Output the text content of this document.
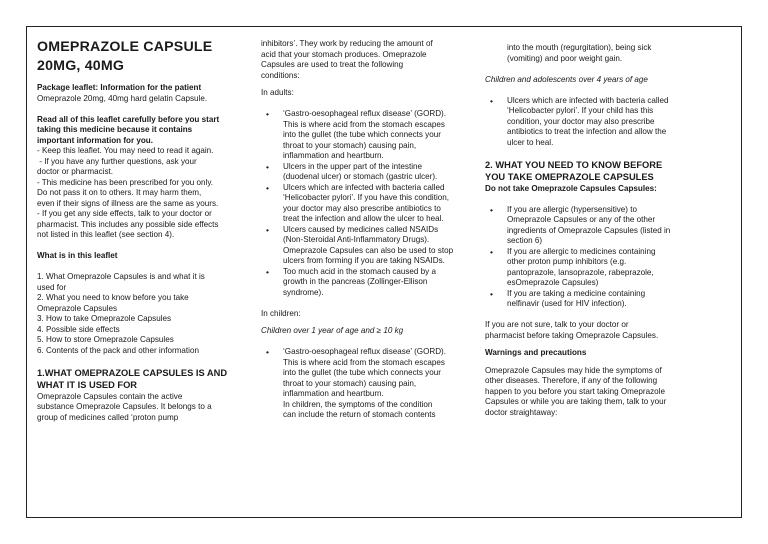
OMEPRAZOLE CAPSULE
20MG, 40MG

Package leaflet: Information for the patient

Omeprazole 20mg, 40mg hard gelatin Capsule.

Read all of this leaflet carefully before you start

taking this medicine because it contains

important information for you.

- Keep this leaflet. You may need to read it again.

- If you have any further questions, ask your

doctor or pharmacist.

- This medicine has been prescribed for you only.

Do not pass it on to others. It may harm them,

even if their signs of illness are the same as yours.

- If you get any side effects, talk to your doctor or

pharmacist. This includes any possible side effects

not listed in this leaflet (see section 4).

What is in this leaflet

1. What Omeprazole Capsules is and what it is

used for

2. What you need to know before you take

Omeprazole Capsules

3. How to take Omeprazole Capsules

4. Possible side effects

5. How to store Omeprazole Capsules

6. Contents of the pack and other information

1.WHAT OMEPRAZOLE CAPSULES IS AND

WHAT IT IS USED FOR

Omeprazole Capsules contain the active

substance Omeprazole Capsules. It belongs to a

group of medicines called ‘proton pump

inhibitors’. They work by reducing the amount of

acid that your stomach produces. Omeprazole

Capsules are used to treat the following

conditions:

In adults:

• ‘Gastro-oesophageal reflux disease’ (GORD).

This is where acid from the stomach escapes

into the gullet (the tube which connects your

throat to your stomach) causing pain,

inflammation and heartburn.

• Ulcers in the upper part of the intestine

(duodenal ulcer) or stomach (gastric ulcer).

• Ulcers which are infected with bacteria called

‘Helicobacter pylori’. If you have this condition,

your doctor may also prescribe antibiotics to

treat the infection and allow the ulcer to heal.

• Ulcers caused by medicines called NSAIDs

(Non-Steroidal Anti-Inflammatory Drugs).

Omeprazole Capsules can also be used to stop

ulcers from forming if you are taking NSAIDs.

• Too much acid in the stomach caused by a

growth in the pancreas (Zollinger-Ellison

syndrome).

In children:

Children over 1 year of age and ≥ 10 kg

• ‘Gastro-oesophageal reflux disease’ (GORD).

This is where acid from the stomach escapes

into the gullet (the tube which connects your

throat to your stomach) causing pain,

inflammation and heartburn.

In children, the symptoms of the condition

can include the return of stomach contents

into the mouth (regurgitation), being sick

(vomiting) and poor weight gain.

Children and adolescents over 4 years of age

• Ulcers which are infected with bacteria called

‘Helicobacter pylori’. If your child has this

condition, your doctor may also prescribe

antibiotics to treat the infection and allow the

ulcer to heal.

2. WHAT YOU NEED TO KNOW BEFORE

YOU TAKE OMEPRAZOLE CAPSULES

Do not take Omeprazole Capsules Capsules:

• If you are allergic (hypersensitive) to

Omeprazole Capsules or any of the other

ingredients of Omeprazole Capsules (listed in

section 6)

• If you are allergic to medicines containing

other proton pump inhibitors (e.g.

pantoprazole, lansoprazole, rabeprazole,

esOmeprazole Capsules)

• If you are taking a medicine containing

nelfinavir (used for HIV infection).

If you are not sure, talk to your doctor or

pharmacist before taking Omeprazole Capsules.

Warnings and precautions

Omeprazole Capsules may hide the symptoms of

other diseases. Therefore, if any of the following

happen to you before you start taking Omeprazole

Capsules or while you are taking them, talk to your

doctor straightaway:
